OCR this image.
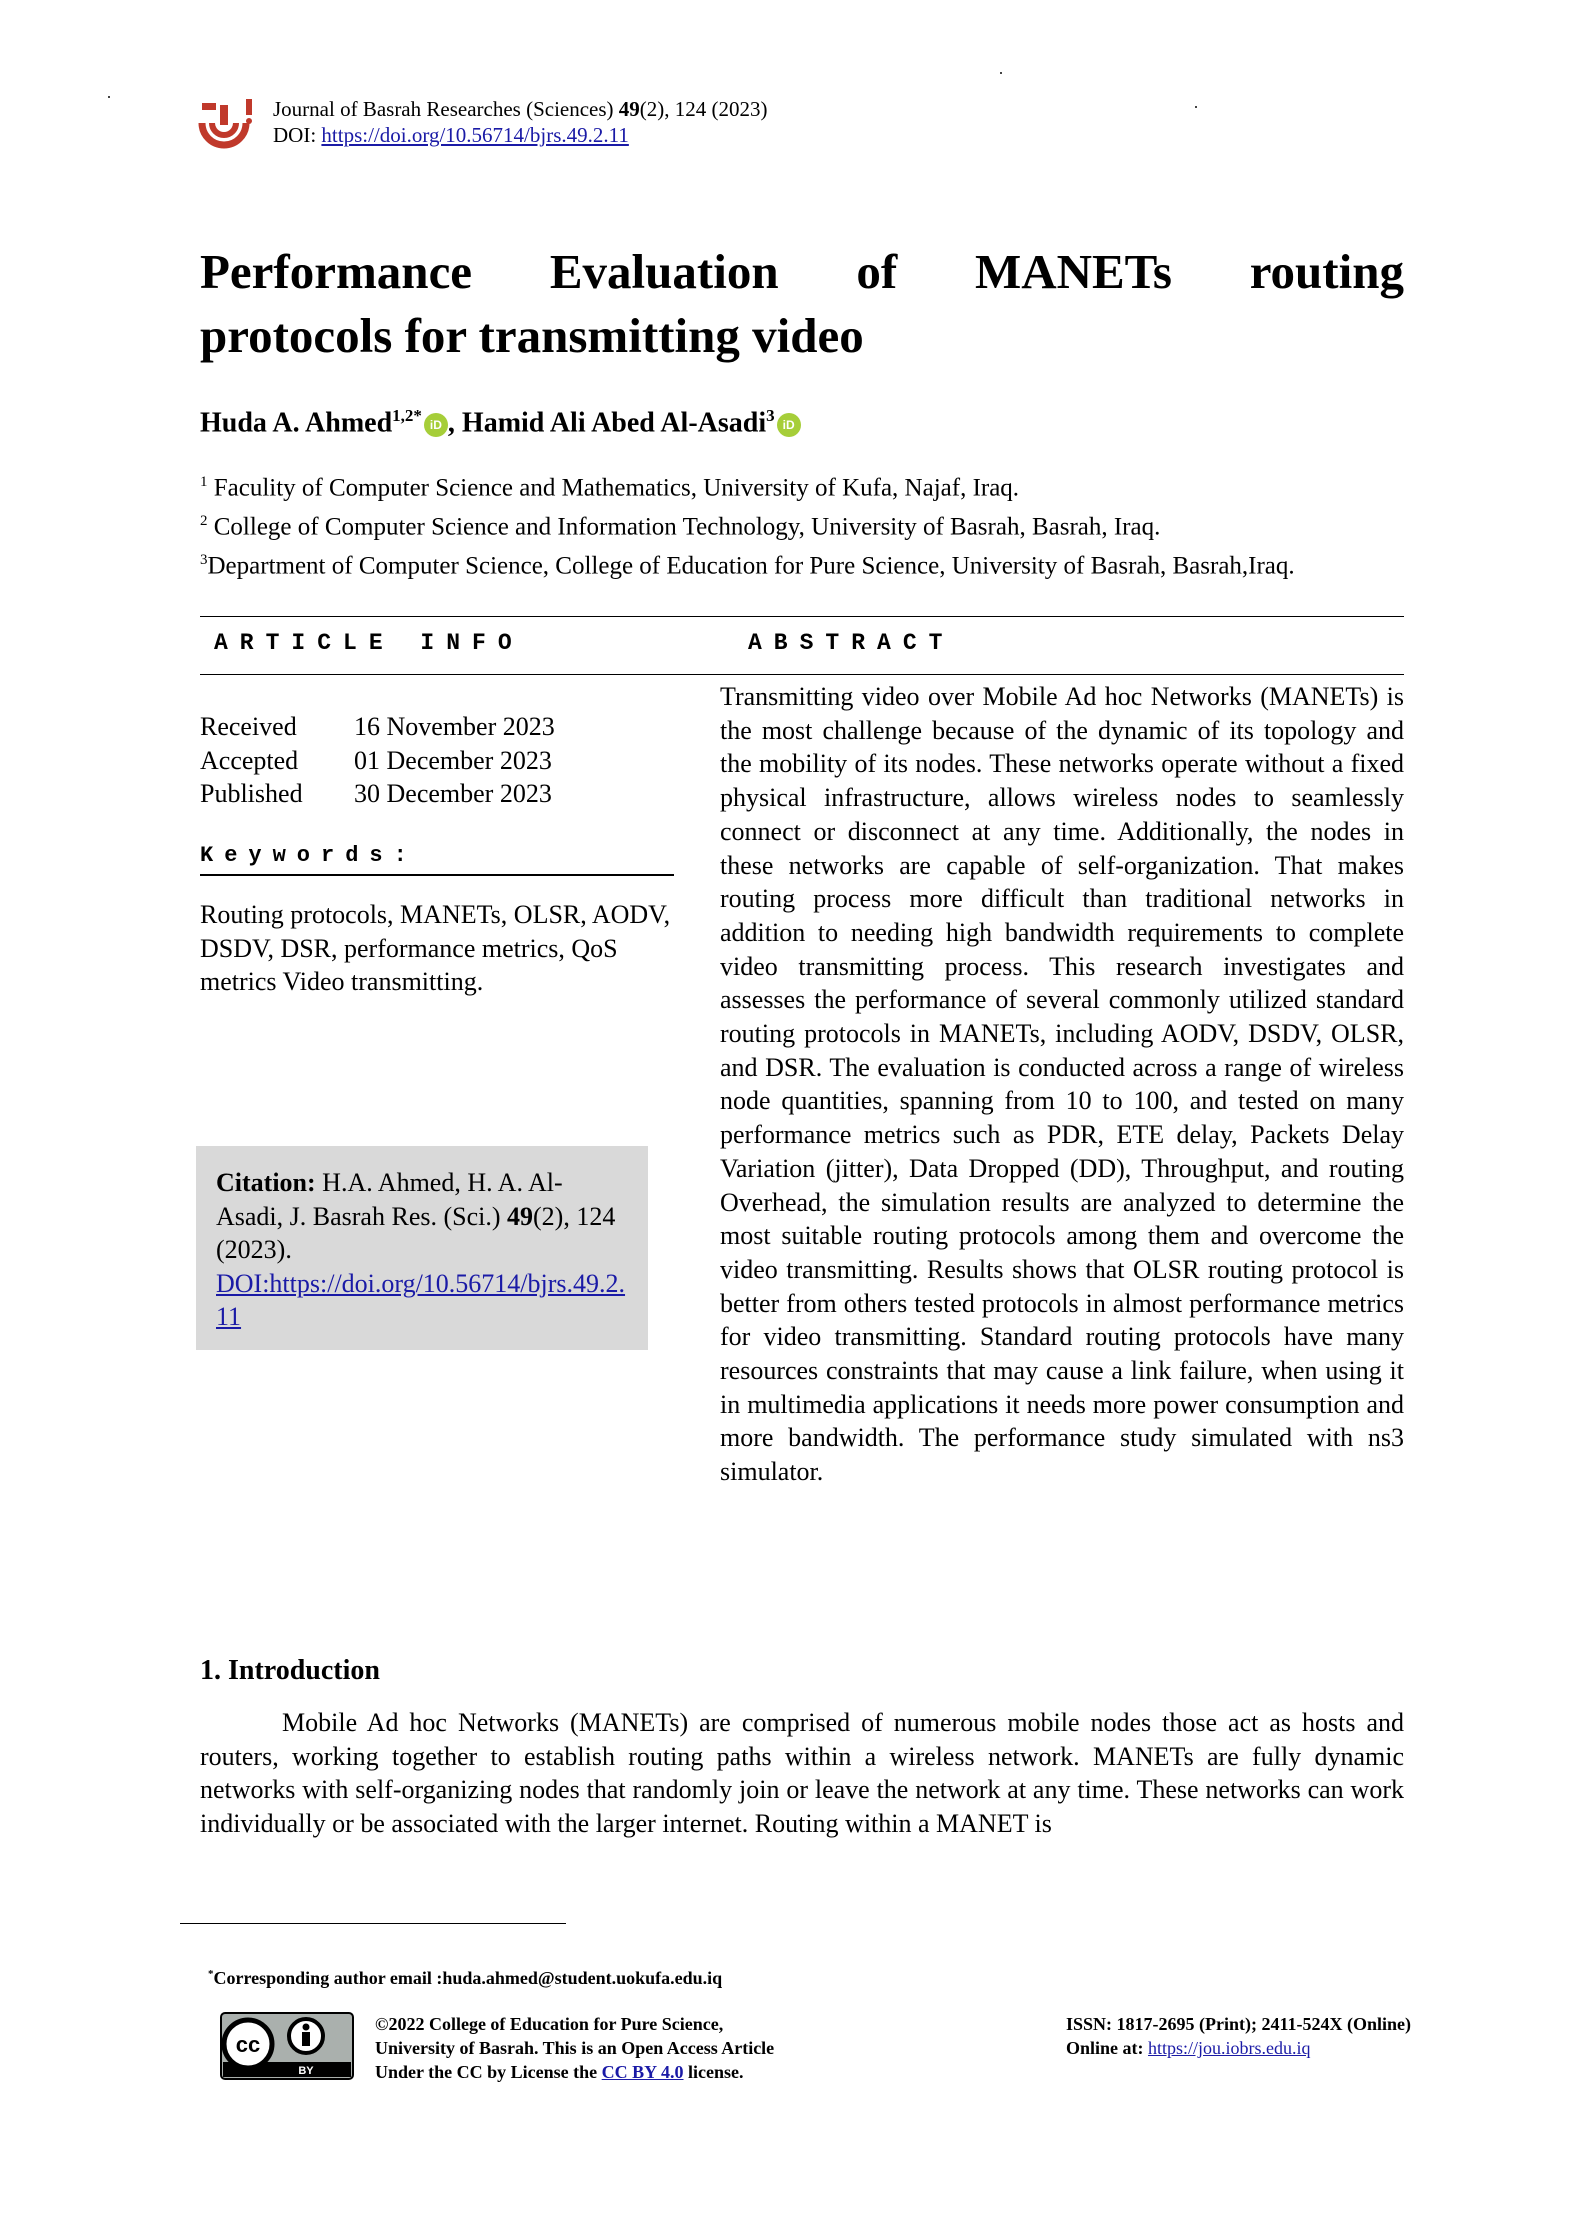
Journal of Basrah Researches (Sciences) 49(2), 124 (2023)
DOI: https://doi.org/10.56714/bjrs.49.2.11
Performance Evaluation of MANETs routing
protocols for transmitting video
Huda A. Ahmed$^{1,2*}$iD , Hamid Ali Abed Al-Asadi$^3$iD
$^1$ Faculity of Computer Science and Mathematics, University of Kufa, Najaf, Iraq.
$^2$ College of Computer Science and Information Technology, University of Basrah, Basrah, Iraq.
$^3$Department of Computer Science, College of Education for Pure Science, University of Basrah, Basrah,Iraq.
ARTICLE INFO	ABSTRACT
Received	16 November 2023
Accepted	01 December 2023
Published	30 December 2023
Keywords:
Routing protocols, MANETs, OLSR, AODV, DSDV, DSR, performance metrics, QoS metrics Video transmitting.
Citation: H.A. Ahmed, H. A. Al-Asadi, J. Basrah Res. (Sci.) 49(2), 124 (2023).
DOI:https://doi.org/10.56714/bjrs.49.2.11
Transmitting video over Mobile Ad hoc Networks (MANETs) is the most challenge because of the dynamic of its topology and the mobility of its nodes. These networks operate without a fixed physical infrastructure, allows wireless nodes to seamlessly connect or disconnect at any time. Additionally, the nodes in these networks are capable of self-organization. That makes routing process more difficult than traditional networks in addition to needing high bandwidth requirements to complete video transmitting process. This research investigates and assesses the performance of several commonly utilized standard routing protocols in MANETs, including AODV, DSDV, OLSR, and DSR. The evaluation is conducted across a range of wireless node quantities, spanning from 10 to 100, and tested on many performance metrics such as PDR, ETE delay, Packets Delay Variation (jitter), Data Dropped (DD), Throughput, and routing Overhead, the simulation results are analyzed to determine the most suitable routing protocols among them and overcome the video transmitting. Results shows that OLSR routing protocol is better from others tested protocols in almost performance metrics for video transmitting. Standard routing protocols have many resources constraints that may cause a link failure, when using it in multimedia applications it needs more power consumption and more bandwidth. The performance study simulated with ns3 simulator.
1. Introduction
Mobile Ad hoc Networks (MANETs) are comprised of numerous mobile nodes those act as hosts and routers, working together to establish routing paths within a wireless network. MANETs are fully dynamic networks with self-organizing nodes that randomly join or leave the network at any time. These networks can work individually or be associated with the larger internet. Routing within a MANET is
*Corresponding author email :huda.ahmed@student.uokufa.edu.iq
cc
BY
©2022 College of Education for Pure Science,
University of Basrah. This is an Open Access Article
Under the CC by License the CC BY 4.0 license.
ISSN: 1817-2695 (Print); 2411-524X (Online)
Online at: https://jou.iobrs.edu.iq
